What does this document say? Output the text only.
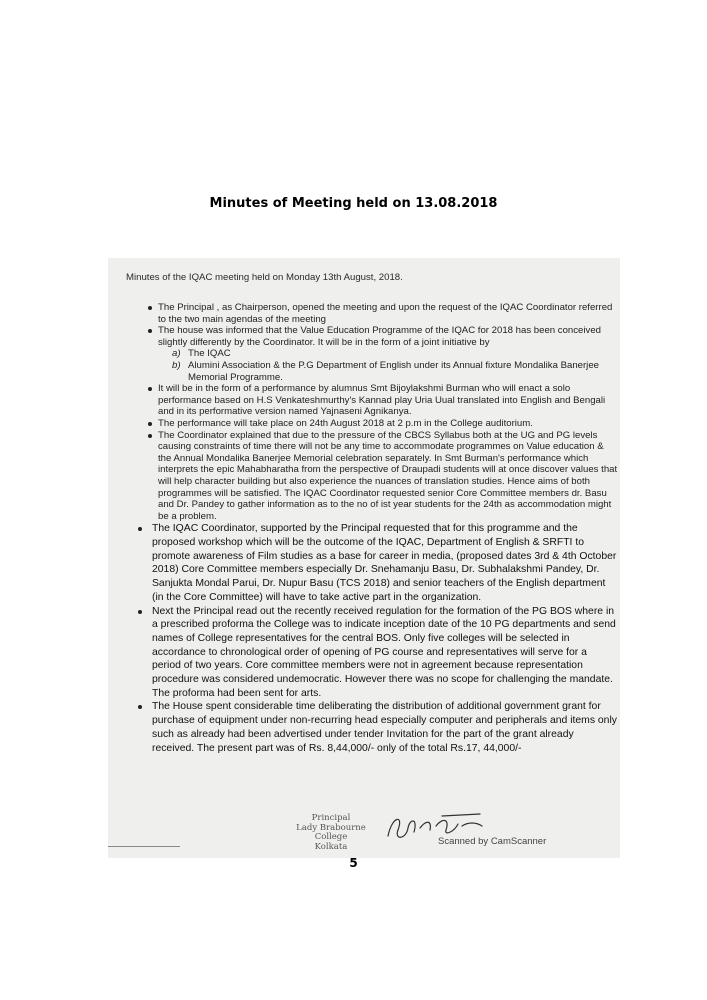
Minutes of Meeting held on 13.08.2018
Minutes of the IQAC meeting held on Monday 13th August, 2018.
The Principal , as Chairperson, opened the meeting and upon the request of the IQAC Coordinator referred to the two main agendas of the meeting
The house was informed that the Value Education Programme of the IQAC for 2018 has been conceived slightly differently by the Coordinator. It will be in the form of a joint initiative by
a) The IQAC
b) Alumini Association & the P.G Department of English under its Annual fixture Mondalika Banerjee Memorial Programme.
It will be in the form of a performance by alumnus Smt Bijoylakshmi Burman who will enact a solo performance based on H.S Venkateshmurthy's Kannad play Uria Uual translated into English and Bengali and in its performative version named Yajnaseni Agnikanya.
The performance will take place on 24th August 2018 at 2 p.m in the College auditorium.
The Coordinator explained that due to the pressure of the CBCS Syllabus both at the UG and PG levels causing constraints of time there will not be any time to accommodate programmes on Value education & the Annual Mondalika Banerjee Memorial celebration separately. In Smt Burman's performance which interprets the epic Mahabharatha from the perspective of Draupadi students will at once discover values that will help character building but also experience the nuances of translation studies. Hence aims of both programmes will be satisfied. The IQAC Coordinator requested senior Core Committee members dr. Basu and Dr. Pandey to gather information as to the no of ist year students for the 24th as accommodation might be a problem.
The IQAC Coordinator, supported by the Principal requested that for this programme and the proposed workshop which will be the outcome of the IQAC, Department of English & SRFTI to promote awareness of Film studies as a base for career in media, (proposed dates 3rd & 4th October 2018) Core Committee members especially Dr. Snehamanju Basu, Dr. Subhalakshmi Pandey, Dr. Sanjukta Mondal Parui, Dr. Nupur Basu (TCS 2018) and senior teachers of the English department (in the Core Committee) will have to take active part in the organization.
Next the Principal read out the recently received regulation for the formation of the PG BOS where in a prescribed proforma the College was to indicate inception date of the 10 PG departments and send names of College representatives for the central BOS. Only five colleges will be selected in accordance to chronological order of opening of PG course and representatives will serve for a period of two years. Core committee members were not in agreement because representation procedure was considered undemocratic. However there was no scope for challenging the mandate. The proforma had been sent for arts.
The House spent considerable time deliberating the distribution of additional government grant for purchase of equipment under non-recurring head especially computer and peripherals and items only such as already had been advertised under tender Invitation for the part of the grant already received. The present part was of Rs. 8,44,000/- only of the total Rs.17, 44,000/-
Principal
Lady Brabourne College
Kolkata	Scanned by CamScanner
5
